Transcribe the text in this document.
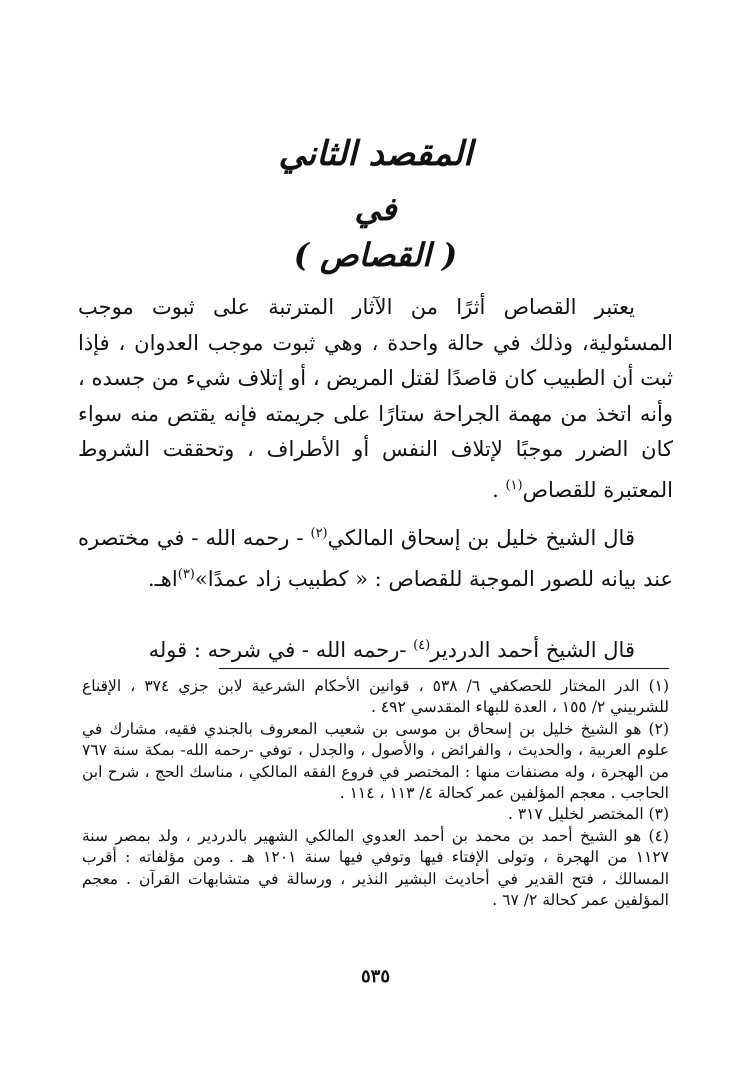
المقصد الثاني
في
( القصاص )

يعتبر القصاص أثرًا من الآثار المترتبة على ثبوت موجب المسئولية، وذلك في حالة واحدة ، وهي ثبوت موجب العدوان ، فإذا ثبت أن الطبيب كان قاصدًا لقتل المريض ، أو إتلاف شيء من جسده ، وأنه اتخذ من مهمة الجراحة ستارًا على جريمته فإنه يقتص منه سواء كان الضرر موجبًا لإتلاف النفس أو الأطراف ، وتحققت الشروط المعتبرة للقصاص$^{(١)}$ .

قال الشيخ خليل بن إسحاق المالكي$^{(٢)}$ - رحمه الله - في مختصره عند بيانه للصور الموجبة للقصاص : « كطبيب زاد عمدًا»$^{(٣)}$اهـ.

قال الشيخ أحمد الدردير$^{(٤)}$ -رحمه الله - في شرحه : قوله

(١) الدر المختار للحصكفي ٦/ ٥٣٨ ، قوانين الأحكام الشرعية لابن جزي ٣٧٤ ، الإقناع للشربيني ٢/ ١٥٥ ، العدة للبهاء المقدسي ٤٩٢ .

(٢) هو الشيخ خليل بن إسحاق بن موسى بن شعيب المعروف بالجندي فقيه، مشارك في علوم العربية ، والحديث ، والفرائض ، والأصول ، والجدل ، توفي -رحمه الله- بمكة سنة ٧٦٧ من الهجرة ، وله مصنفات منها : المختصر في فروع الفقه المالكي ، مناسك الحج ، شرح ابن الحاجب . معجم المؤلفين عمر كحالة ٤/ ١١٣ ، ١١٤ .

(٣) المختصر لخليل ٣١٧ .

(٤) هو الشيخ أحمد بن محمد بن أحمد العدوي المالكي الشهير بالدردير ، ولد بمصر سنة ١١٢٧ من الهجرة ، وتولى الإفتاء فيها وتوفي فيها سنة ١٢٠١ هـ . ومن مؤلفاته : أقرب المسالك ، فتح القدير في أحاديث البشير النذير ، ورسالة في متشابهات القرآن . معجم المؤلفين عمر كحالة ٢/ ٦٧ .

٥٣٥
